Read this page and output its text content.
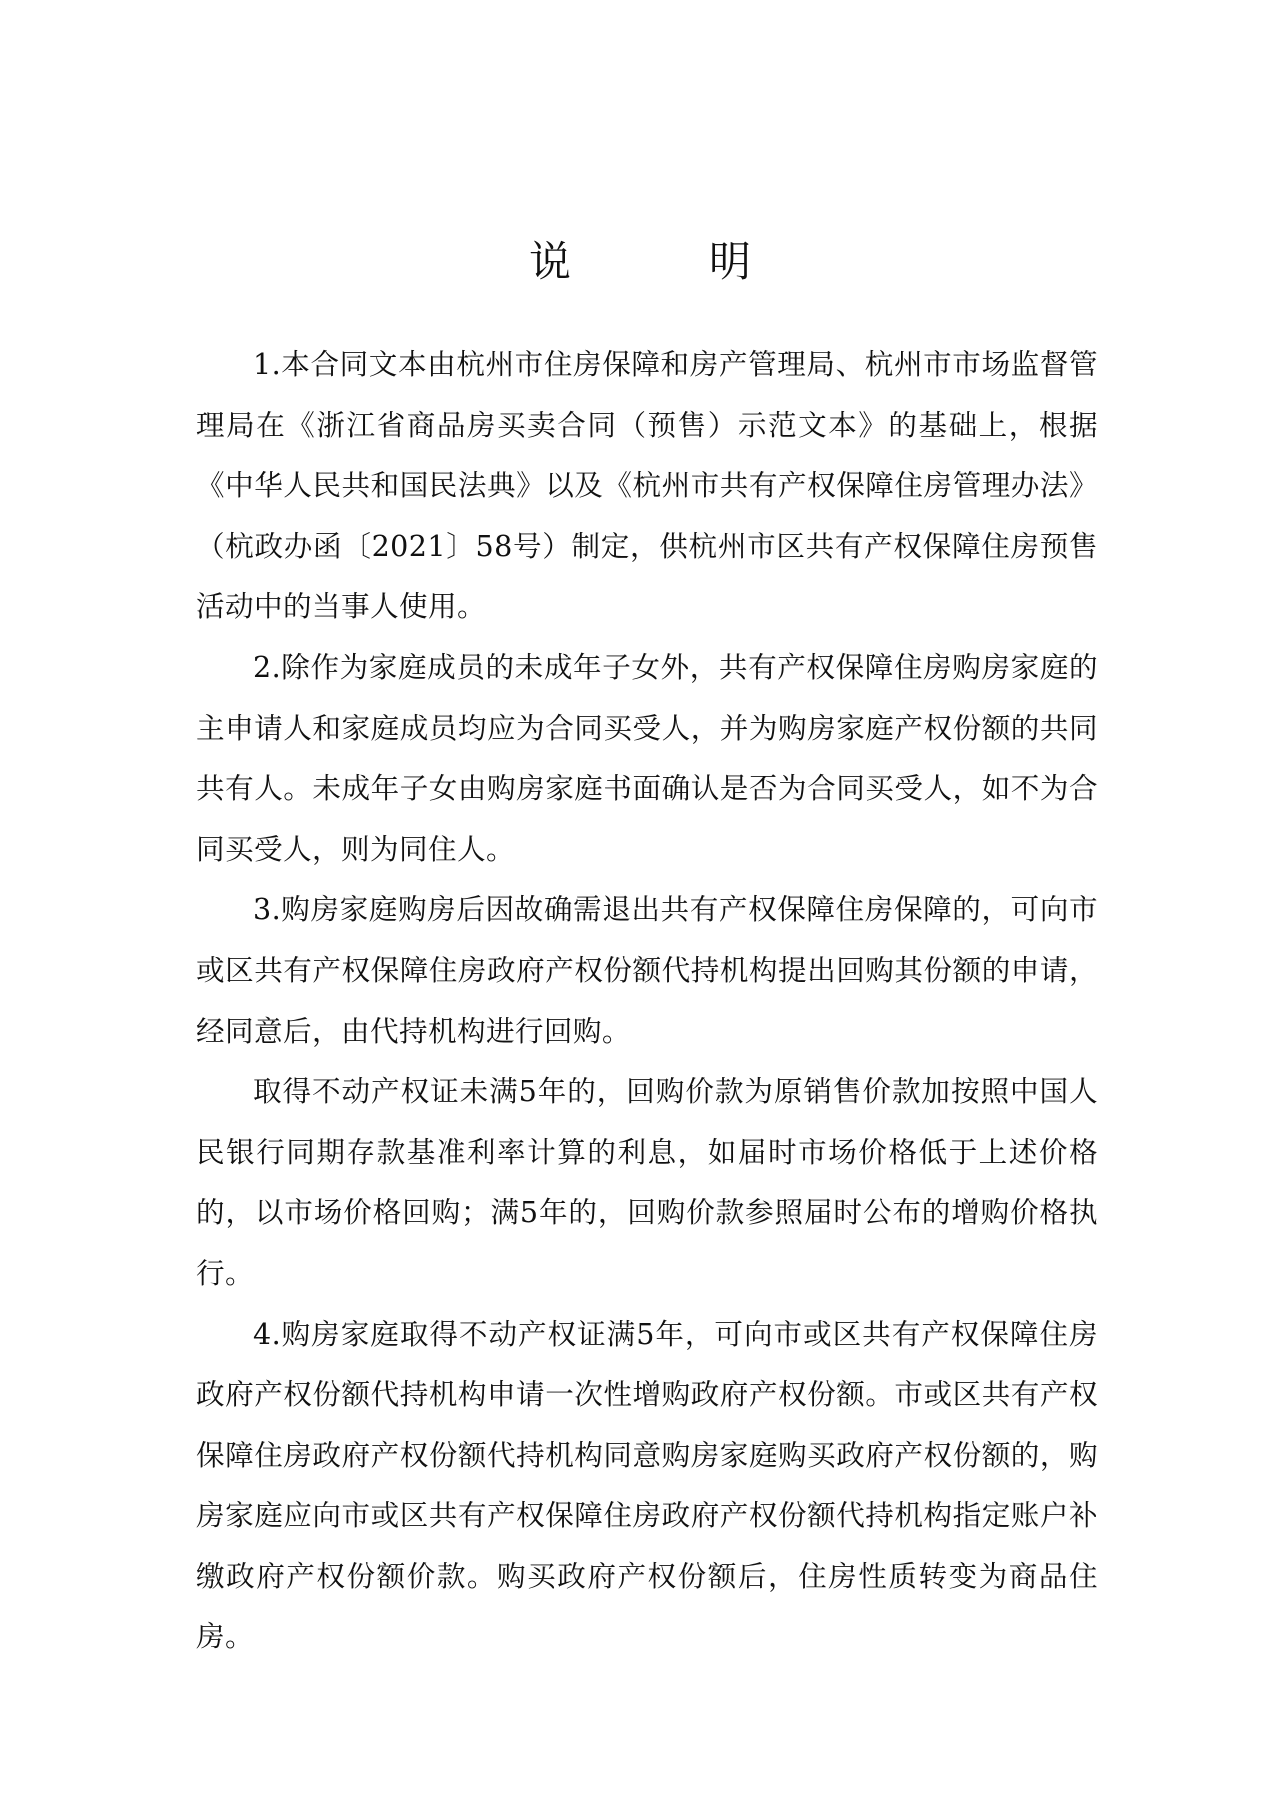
说　明

1.本合同文本由杭州市住房保障和房产管理局、杭州市市场监督管理局在《浙江省商品房买卖合同（预售）示范文本》的基础上，根据《中华人民共和国民法典》以及《杭州市共有产权保障住房管理办法》（杭政办函〔2021〕58号）制定，供杭州市区共有产权保障住房预售活动中的当事人使用。

2.除作为家庭成员的未成年子女外，共有产权保障住房购房家庭的主申请人和家庭成员均应为合同买受人，并为购房家庭产权份额的共同共有人。未成年子女由购房家庭书面确认是否为合同买受人，如不为合同买受人，则为同住人。

3.购房家庭购房后因故确需退出共有产权保障住房保障的，可向市或区共有产权保障住房政府产权份额代持机构提出回购其份额的申请，经同意后，由代持机构进行回购。

取得不动产权证未满5年的，回购价款为原销售价款加按照中国人民银行同期存款基准利率计算的利息，如届时市场价格低于上述价格的，以市场价格回购；满5年的，回购价款参照届时公布的增购价格执行。

4.购房家庭取得不动产权证满5年，可向市或区共有产权保障住房政府产权份额代持机构申请一次性增购政府产权份额。市或区共有产权保障住房政府产权份额代持机构同意购房家庭购买政府产权份额的，购房家庭应向市或区共有产权保障住房政府产权份额代持机构指定账户补缴政府产权份额价款。购买政府产权份额后，住房性质转变为商品住房。
